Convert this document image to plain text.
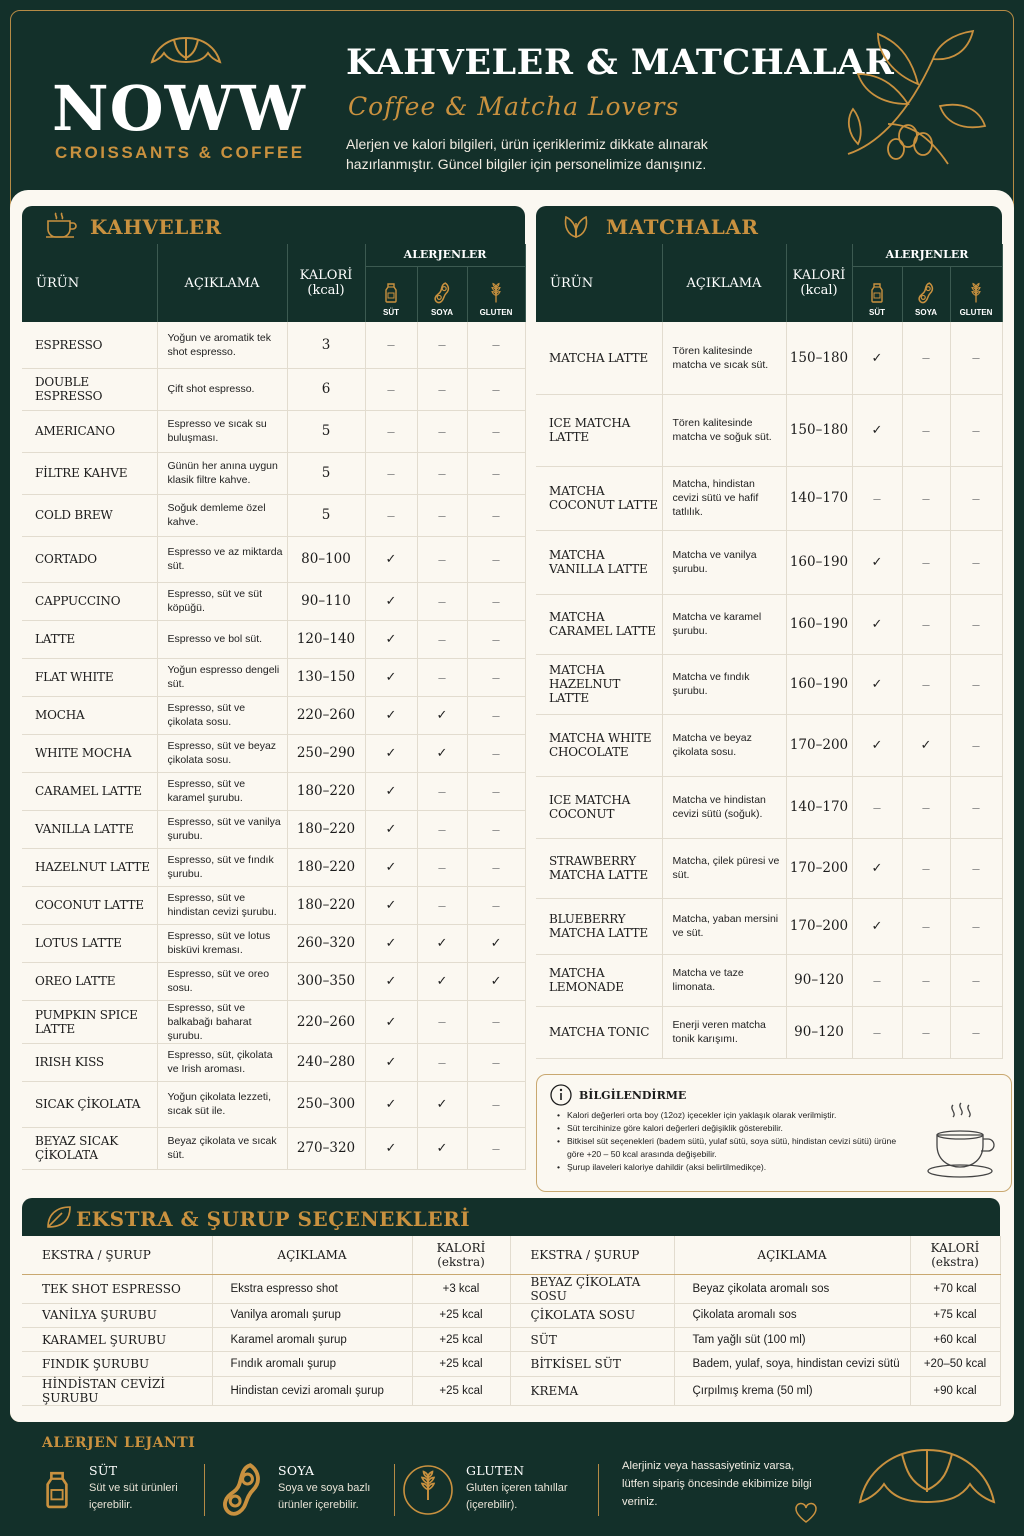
NOWW
CROISSANTS & COFFEE
KAHVELER & MATCHALAR
Coffee & Matcha Lovers
Alerjen ve kalori bilgileri, ürün içeriklerimiz dikkate alınarak hazırlanmıştır. Güncel bilgiler için personelimize danışınız.
KAHVELER
ÜRÜN	AÇIKLAMA	KALORİ
(kcal)	ALERJENLER		

SÜT	SOYA	GLUTEN
ESPRESSO	Yoğun ve aromatik tek shot espresso.	3	–	–	–
DOUBLE ESPRESSO	Çift shot espresso.	6	–	–	–
AMERICANO	Espresso ve sıcak su buluşması.	5	–	–	–
FİLTRE KAHVE	Günün her anına uygun klasik filtre kahve.	5	–	–	–
COLD BREW	Soğuk demleme özel kahve.	5	–	–	–
CORTADO	Espresso ve az miktarda süt.	80–100	✓	–	–
CAPPUCCINO	Espresso, süt ve süt köpüğü.	90–110	✓	–	–
LATTE	Espresso ve bol süt.	120–140	✓	–	–
FLAT WHITE	Yoğun espresso dengeli süt.	130–150	✓	–	–
MOCHA	Espresso, süt ve çikolata sosu.	220–260	✓	✓	–
WHITE MOCHA	Espresso, süt ve beyaz çikolata sosu.	250–290	✓	✓	–
CARAMEL LATTE	Espresso, süt ve karamel şurubu.	180–220	✓	–	–
VANILLA LATTE	Espresso, süt ve vanilya şurubu.	180–220	✓	–	–
HAZELNUT LATTE	Espresso, süt ve fındık şurubu.	180–220	✓	–	–
COCONUT LATTE	Espresso, süt ve hindistan cevizi şurubu.	180–220	✓	–	–
LOTUS LATTE	Espresso, süt ve lotus bisküvi kreması.	260–320	✓	✓	✓
OREO LATTE	Espresso, süt ve oreo sosu.	300–350	✓	✓	✓
PUMPKIN SPICE LATTE	Espresso, süt ve balkabağı baharat şurubu.	220–260	✓	–	–
IRISH KISS	Espresso, süt, çikolata ve Irish aroması.	240–280	✓	–	–
SICAK ÇİKOLATA	Yoğun çikolata lezzeti, sıcak süt ile.	250–300	✓	✓	–
BEYAZ SICAK ÇİKOLATA	Beyaz çikolata ve sıcak süt.	270–320	✓	✓	–
MATCHALAR
ÜRÜN	AÇIKLAMA	KALORİ
(kcal)	ALERJENLER		

SÜT	SOYA	GLUTEN
MATCHA LATTE	Tören kalitesinde matcha ve sıcak süt.	150–180	✓	–	–
ICE MATCHA LATTE	Tören kalitesinde matcha ve soğuk süt.	150–180	✓	–	–
MATCHA COCONUT LATTE	Matcha, hindistan cevizi sütü ve hafif tatlılık.	140–170	–	–	–
MATCHA VANILLA LATTE	Matcha ve vanilya şurubu.	160–190	✓	–	–
MATCHA CARAMEL LATTE	Matcha ve karamel şurubu.	160–190	✓	–	–
MATCHA HAZELNUT LATTE	Matcha ve fındık şurubu.	160–190	✓	–	–
MATCHA WHITE CHOCOLATE	Matcha ve beyaz çikolata sosu.	170–200	✓	✓	–
ICE MATCHA COCONUT	Matcha ve hindistan cevizi sütü (soğuk).	140–170	–	–	–
STRAWBERRY MATCHA LATTE	Matcha, çilek püresi ve süt.	170–200	✓	–	–
BLUEBERRY MATCHA LATTE	Matcha, yaban mersini ve süt.	170–200	✓	–	–
MATCHA LEMONADE	Matcha ve taze limonata.	90–120	–	–	–
MATCHA TONIC	Enerji veren matcha tonik karışımı.	90–120	–	–	–
BİLGİLENDİRME
• Kalori değerleri orta boy (12oz) içecekler için yaklaşık olarak verilmiştir.
• Süt tercihinize göre kalori değerleri değişiklik gösterebilir.
• Bitkisel süt seçenekleri (badem sütü, yulaf sütü, soya sütü, hindistan cevizi sütü) ürüne göre +20 – 50 kcal arasında değişebilir.
• Şurup ilaveleri kaloriye dahildir (aksi belirtilmedikçe).
EKSTRA & ŞURUP SEÇENEKLERİ
EKSTRA / ŞURUP	AÇIKLAMA	KALORİ
(ekstra)	EKSTRA / ŞURUP	AÇIKLAMA	KALORİ
(ekstra)
TEK SHOT ESPRESSO	Ekstra espresso shot	+3 kcal	BEYAZ ÇİKOLATA SOSU	Beyaz çikolata aromalı sos	+70 kcal
VANİLYA ŞURUBU	Vanilya aromalı şurup	+25 kcal	ÇİKOLATA SOSU	Çikolata aromalı sos	+75 kcal
KARAMEL ŞURUBU	Karamel aromalı şurup	+25 kcal	SÜT	Tam yağlı süt (100 ml)	+60 kcal
FINDIK ŞURUBU	Fındık aromalı şurup	+25 kcal	BİTKİSEL SÜT	Badem, yulaf, soya, hindistan cevizi sütü	+20–50 kcal
HİNDİSTAN CEVİZİ ŞURUBU	Hindistan cevizi aromalı şurup	+25 kcal	KREMA	Çırpılmış krema (50 ml)	+90 kcal
ALERJEN LEJANTI
SÜT
Süt ve süt ürünleri içerebilir.
SOYA
Soya ve soya bazlı ürünler içerebilir.
GLUTEN
Gluten içeren tahıllar (içerebilir).
Alerjiniz veya hassasiyetiniz varsa, lütfen sipariş öncesinde ekibimize bilgi veriniz.
